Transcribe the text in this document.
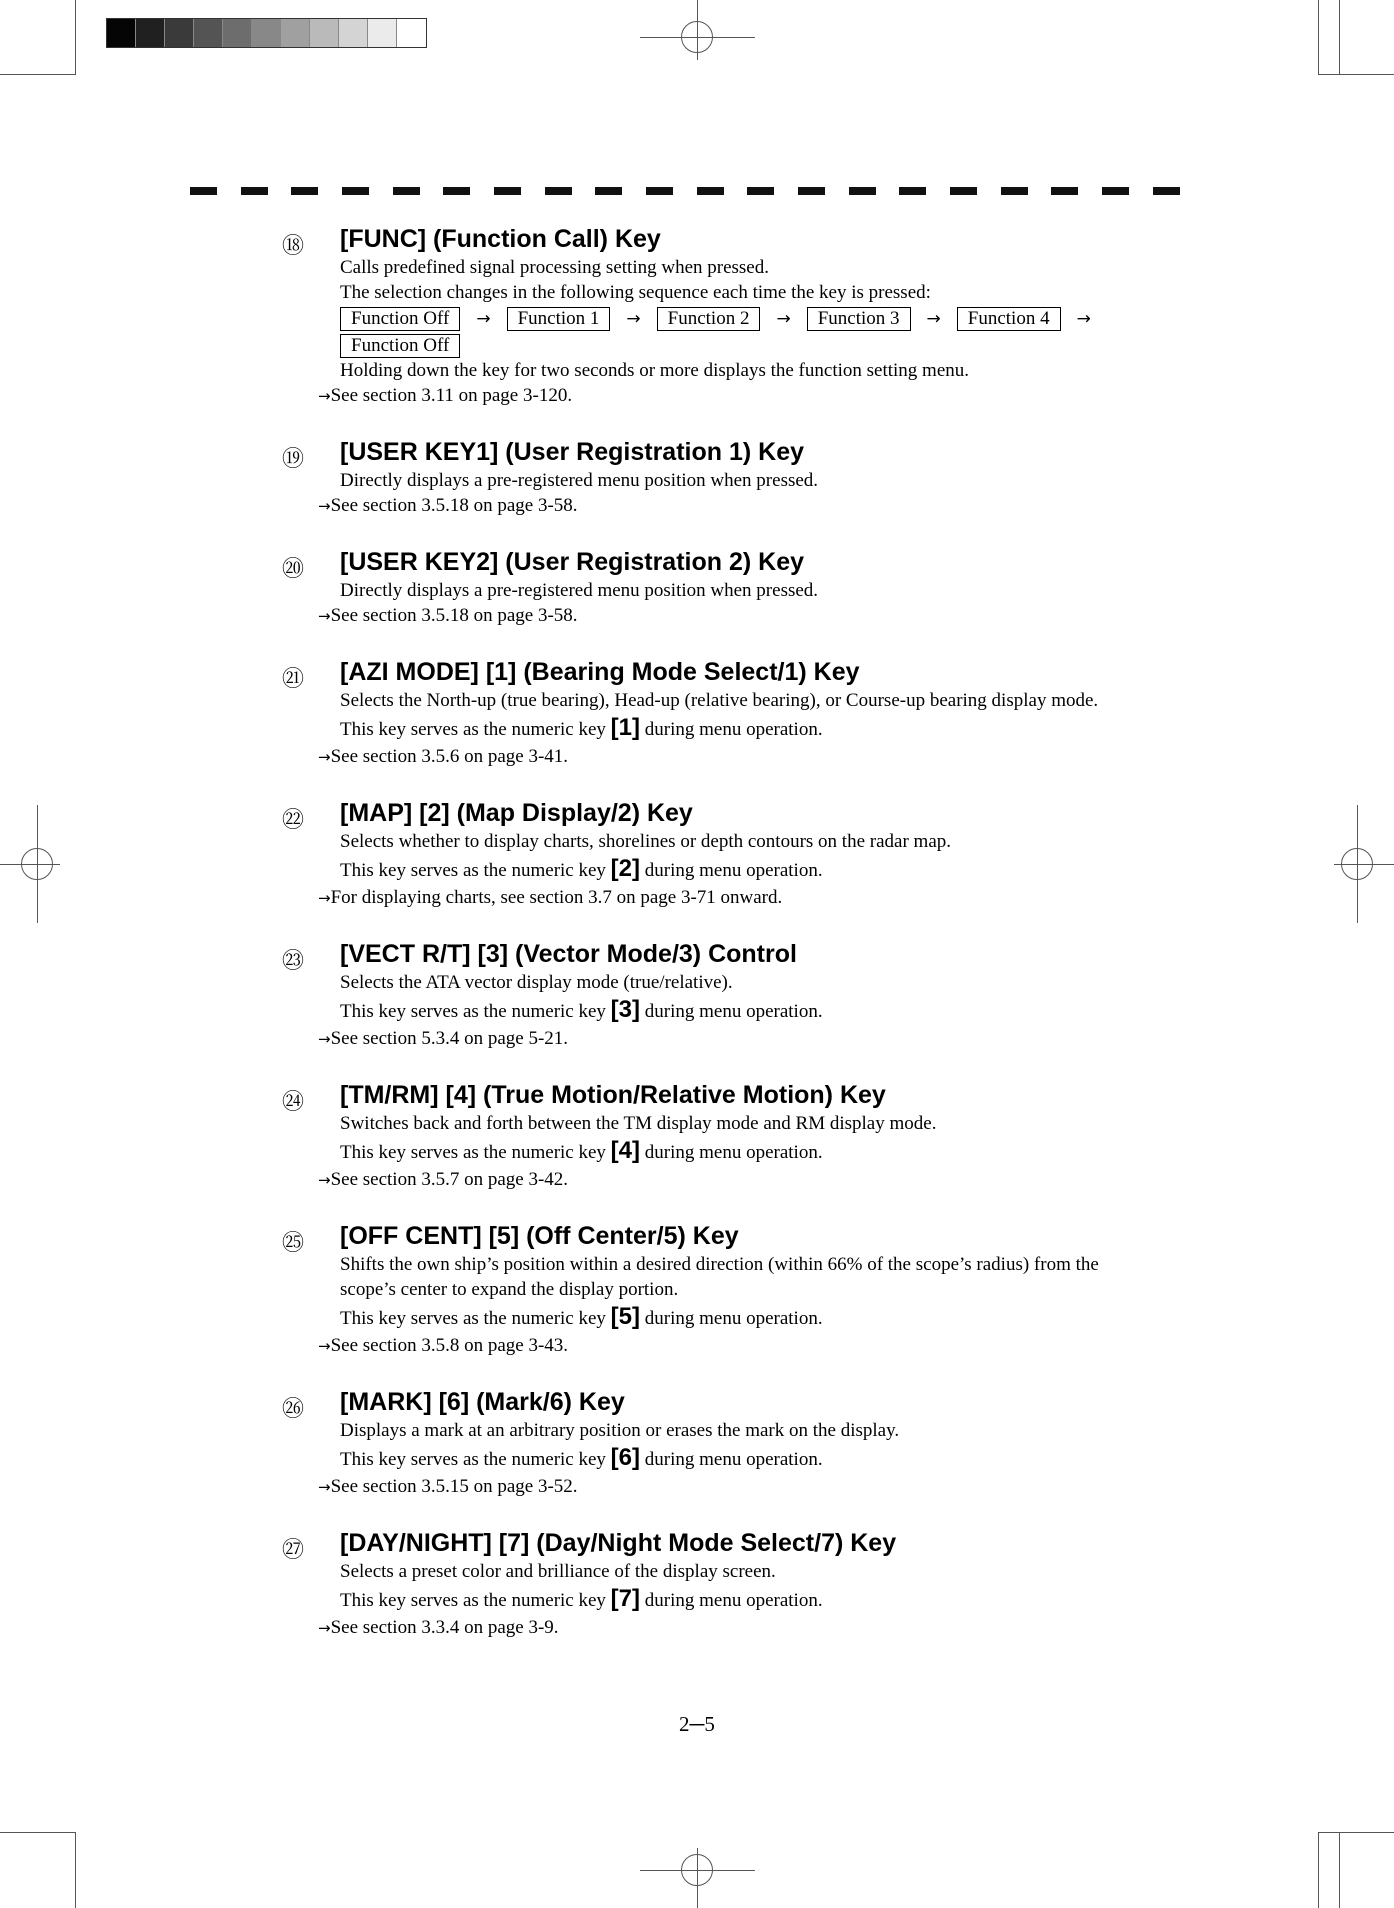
⑱ [FUNC] (Function Call) Key
Calls predefined signal processing setting when pressed.
The selection changes in the following sequence each time the key is pressed:
Function Off	→	Function 1	→	Function 2	→	Function 3	→	Function 4	→
Function Off
Holding down the key for two seconds or more displays the function setting menu.
→See section 3.11 on page 3-120.
⑲ [USER KEY1] (User Registration 1) Key
Directly displays a pre-registered menu position when pressed.
→See section 3.5.18 on page 3-58.
⑳ [USER KEY2] (User Registration 2) Key
Directly displays a pre-registered menu position when pressed.
→See section 3.5.18 on page 3-58.
㉑ [AZI MODE] [1] (Bearing Mode Select/1) Key
Selects the North-up (true bearing), Head-up (relative bearing), or Course-up bearing display mode.
This key serves as the numeric key [1] during menu operation.
→See section 3.5.6 on page 3-41.
㉒ [MAP] [2] (Map Display/2) Key
Selects whether to display charts, shorelines or depth contours on the radar map.
This key serves as the numeric key [2] during menu operation.
→For displaying charts, see section 3.7 on page 3-71 onward.
㉓ [VECT R/T] [3] (Vector Mode/3) Control
Selects the ATA vector display mode (true/relative).
This key serves as the numeric key [3] during menu operation.
→See section 5.3.4 on page 5-21.
㉔ [TM/RM] [4] (True Motion/Relative Motion) Key
Switches back and forth between the TM display mode and RM display mode.
This key serves as the numeric key [4] during menu operation.
→See section 3.5.7 on page 3-42.
㉕ [OFF CENT] [5] (Off Center/5) Key
Shifts the own ship’s position within a desired direction (within 66% of the scope’s radius) from the
scope’s center to expand the display portion.
This key serves as the numeric key [5] during menu operation.
→See section 3.5.8 on page 3-43.
㉖ [MARK] [6] (Mark/6) Key
Displays a mark at an arbitrary position or erases the mark on the display.
This key serves as the numeric key [6] during menu operation.
→See section 3.5.15 on page 3-52.
㉗ [DAY/NIGHT] [7] (Day/Night Mode Select/7) Key
Selects a preset color and brilliance of the display screen.
This key serves as the numeric key [7] during menu operation.
→See section 3.3.4 on page 3-9.
2─5
